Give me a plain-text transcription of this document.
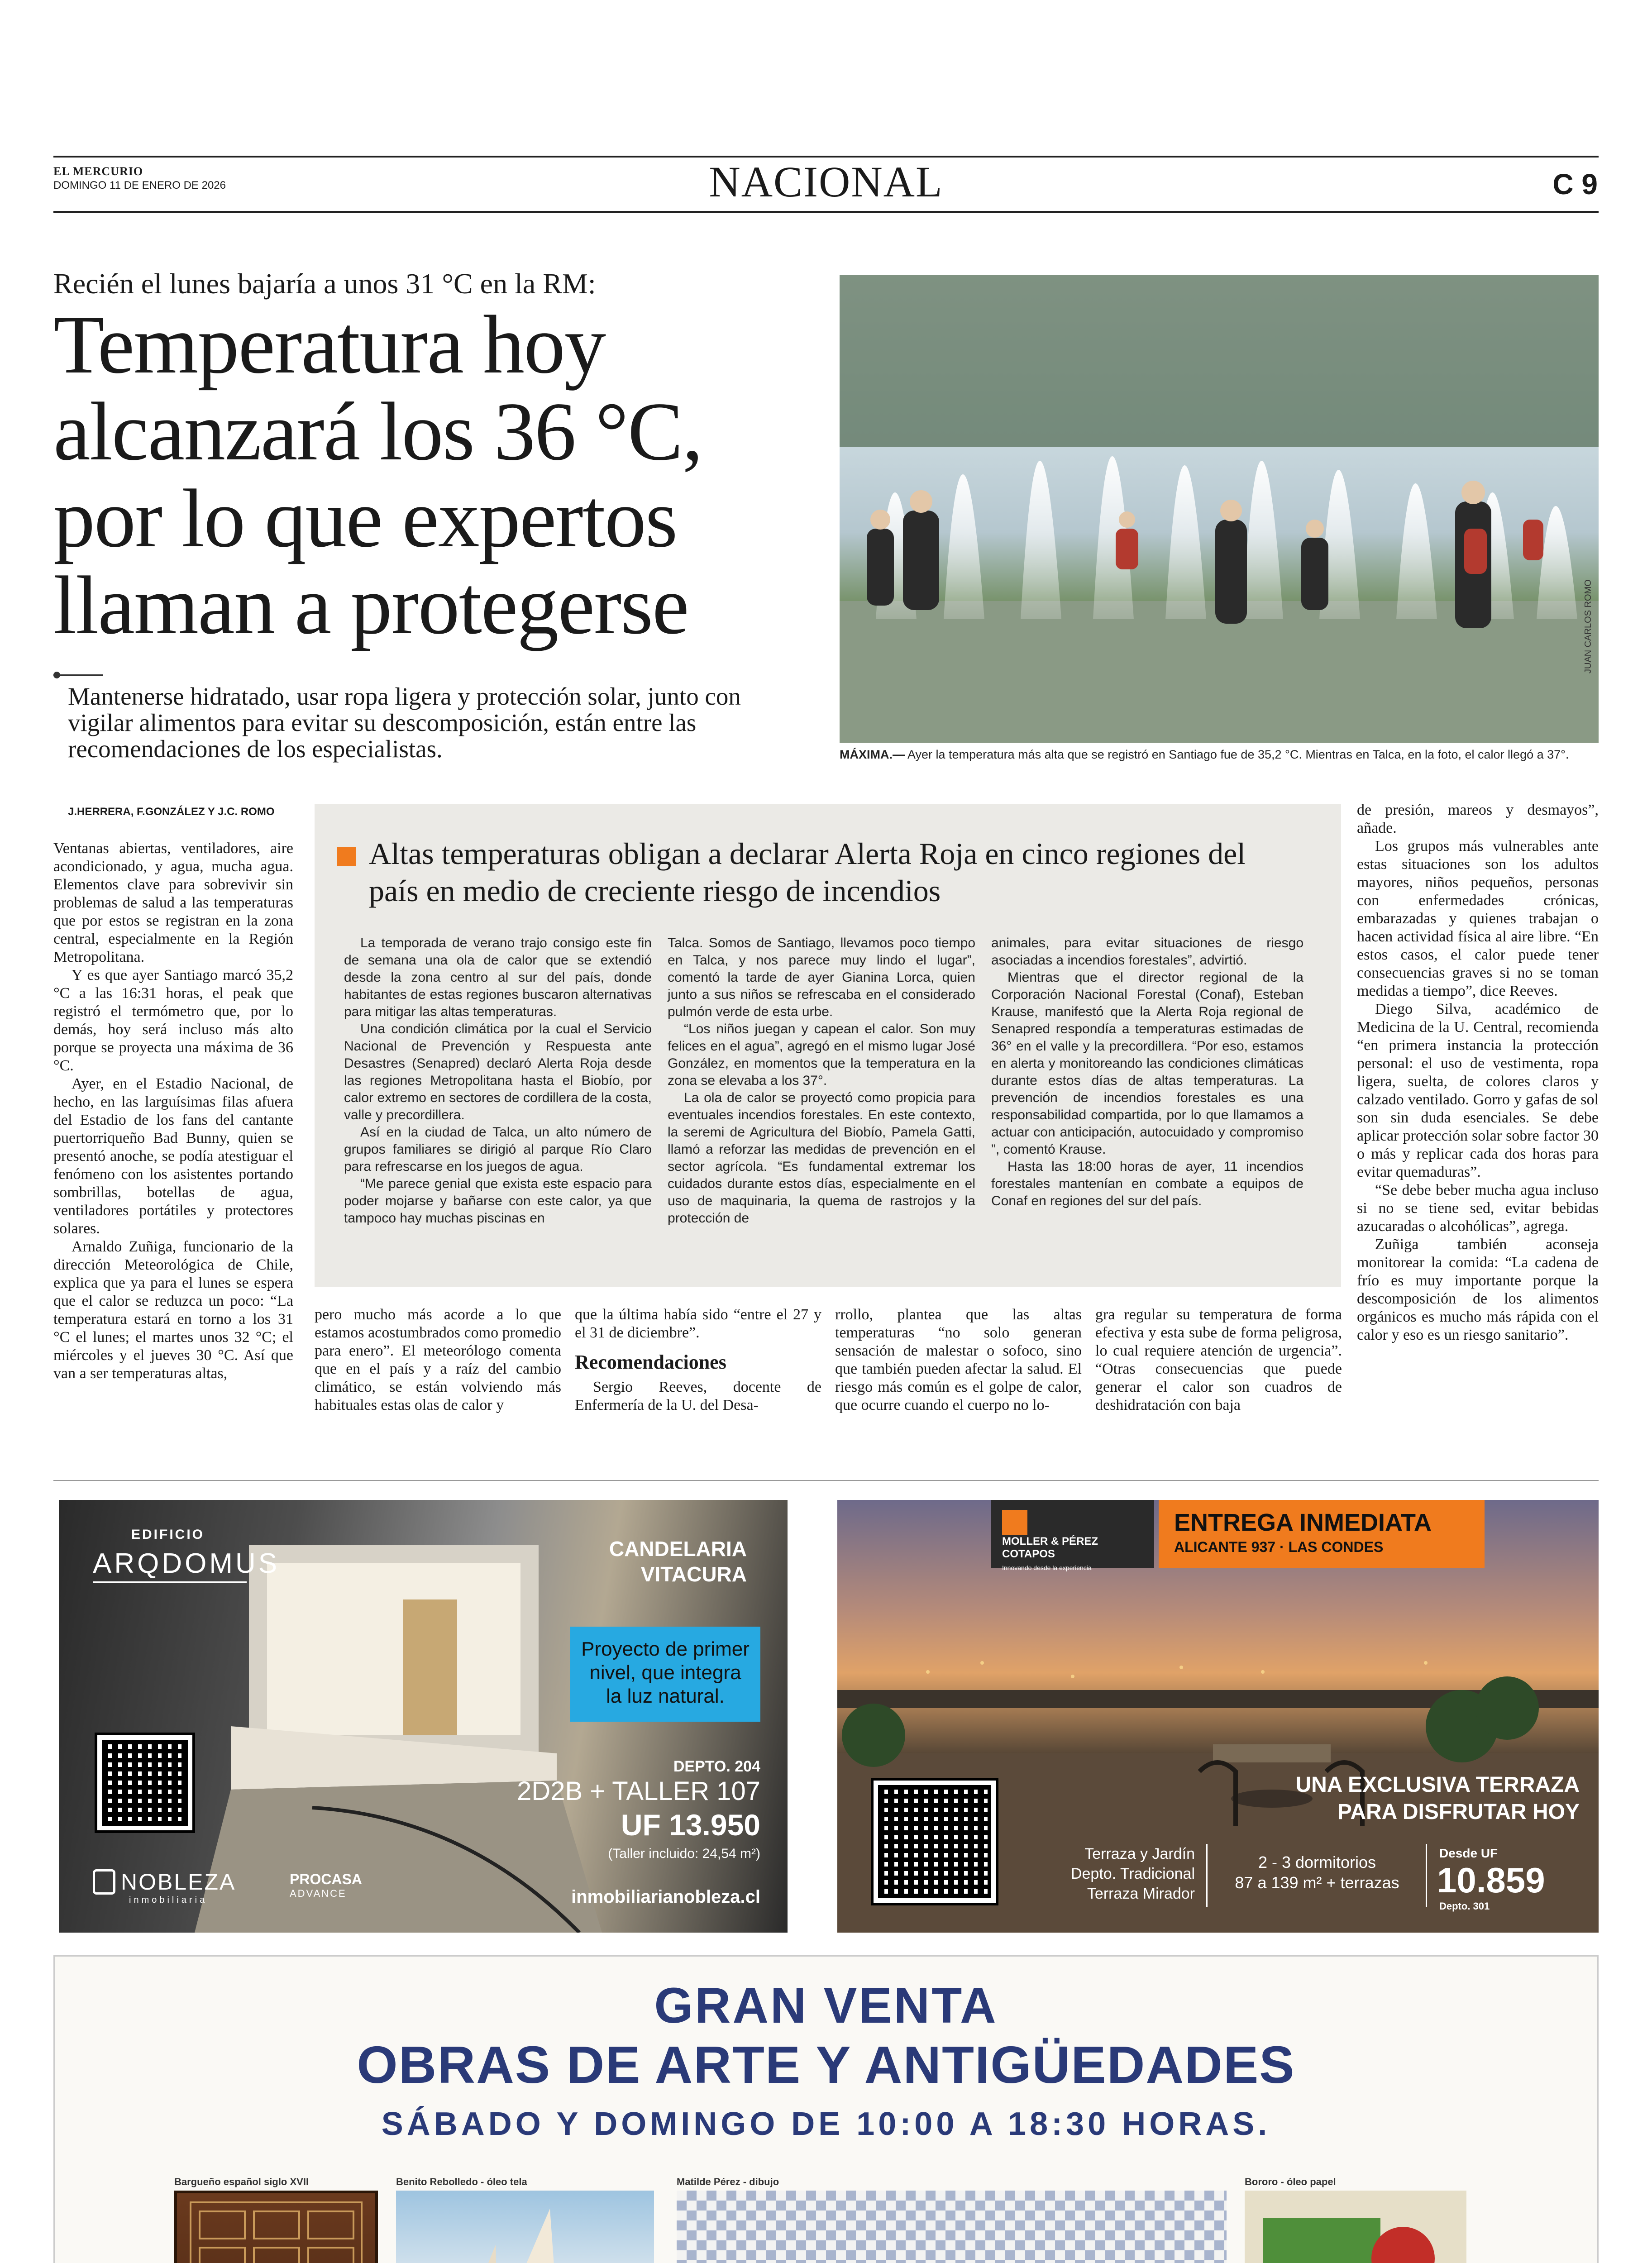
EL MERCURIO
DOMINGO 11 DE ENERO DE 2026	NACIONAL	C 9
Recién el lunes bajaría a unos 31 °C en la RM:
Temperatura hoy alcanzará los 36 °C, por lo que expertos llaman a protegerse
Mantenerse hidratado, usar ropa ligera y protección solar, junto con vigilar alimentos para evitar su descomposición, están entre las recomendaciones de los especialistas.
J.HERRERA, F.GONZÁLEZ Y J.C. ROMO
JUAN CARLOS ROMO
MÁXIMA.— Ayer la temperatura más alta que se registró en Santiago fue de 35,2 °C. Mientras en Talca, en la foto, el calor llegó a 37°.

Ventanas abiertas, ventiladores, aire acondicionado, y agua, mucha agua. Elementos clave para sobrevivir sin problemas de salud a las temperaturas que por estos se registran en la zona central, especialmente en la Región Metropolitana.

Y es que ayer Santiago marcó 35,2 °C a las 16:31 horas, el peak que registró el termómetro que, por lo demás, hoy será incluso más alto porque se proyecta una máxima de 36 °C.

Ayer, en el Estadio Nacional, de hecho, en las larguísimas filas afuera del Estadio de los fans del cantante puertorriqueño Bad Bunny, quien se presentó anoche, se podía atestiguar el fenómeno con los asistentes portando sombrillas, botellas de agua, ventiladores portátiles y protectores solares.

Arnaldo Zuñiga, funcionario de la dirección Meteorológica de Chile, explica que ya para el lunes se espera que el calor se reduzca un poco: “La temperatura estará en torno a los 31 °C el lunes; el martes unos 32 °C; el miércoles y el jueves 30 °C. Así que van a ser temperaturas altas,

Altas temperaturas obligan a declarar Alerta Roja en cinco regiones del país en medio de creciente riesgo de incendios

La temporada de verano trajo consigo este fin de semana una ola de calor que se extendió desde la zona centro al sur del país, donde habitantes de estas regiones buscaron alternativas para mitigar las altas temperaturas.

Una condición climática por la cual el Servicio Nacional de Prevención y Respuesta ante Desastres (Senapred) declaró Alerta Roja desde las regiones Metropolitana hasta el Biobío, por calor extremo en sectores de cordillera de la costa, valle y precordillera.

Así en la ciudad de Talca, un alto número de grupos familiares se dirigió al parque Río Claro para refrescarse en los juegos de agua.

“Me parece genial que exista este espacio para poder mojarse y bañarse con este calor, ya que tampoco hay muchas piscinas en

Talca. Somos de Santiago, llevamos poco tiempo en Talca, y nos parece muy lindo el lugar”, comentó la tarde de ayer Gianina Lorca, quien junto a sus niños se refrescaba en el considerado pulmón verde de esta urbe.

“Los niños juegan y capean el calor. Son muy felices en el agua”, agregó en el mismo lugar José González, en momentos que la temperatura en la zona se elevaba a los 37°.

La ola de calor se proyectó como propicia para eventuales incendios forestales. En este contexto, la seremi de Agricultura del Biobío, Pamela Gatti, llamó a reforzar las medidas de prevención en el sector agrícola. “Es fundamental extremar los cuidados durante estos días, especialmente en el uso de maquinaria, la quema de rastrojos y la protección de

animales, para evitar situaciones de riesgo asociadas a incendios forestales”, advirtió.

Mientras que el director regional de la Corporación Nacional Forestal (Conaf), Esteban Krause, manifestó que la Alerta Roja regional de Senapred respondía a temperaturas estimadas de 36° en el valle y la precordillera. “Por eso, estamos en alerta y monitoreando las condiciones climáticas durante estos días de altas temperaturas. La prevención de incendios forestales es una responsabilidad compartida, por lo que llamamos a actuar con anticipación, autocuidado y compromiso ”, comentó Krause.

Hasta las 18:00 horas de ayer, 11 incendios forestales mantenían en combate a equipos de Conaf en regiones del sur del país.

pero mucho más acorde a lo que estamos acostumbrados como promedio para enero”. El meteorólogo comenta que en el país y a raíz del cambio climático, se están volviendo más habituales estas olas de calor y

que la última había sido “entre el 27 y el 31 de diciembre”.

Recomendaciones

Sergio Reeves, docente de Enfermería de la U. del Desa-

rrollo, plantea que las altas temperaturas “no solo generan sensación de malestar o sofoco, sino que también pueden afectar la salud. El riesgo más común es el golpe de calor, que ocurre cuando el cuerpo no lo-

gra regular su temperatura de forma efectiva y esta sube de forma peligrosa, lo cual requiere atención de urgencia”. “Otras consecuencias que puede generar el calor son cuadros de deshidratación con baja

de presión, mareos y desmayos”, añade.

Los grupos más vulnerables ante estas situaciones son los adultos mayores, niños pequeños, personas con enfermedades crónicas, embarazadas y quienes trabajan o hacen actividad física al aire libre. “En estos casos, el calor puede tener consecuencias graves si no se toman medidas a tiempo”, dice Reeves.

Diego Silva, académico de Medicina de la U. Central, recomienda “en primera instancia la protección personal: el uso de vestimenta, ropa ligera, suelta, de colores claros y calzado ventilado. Gorro y gafas de sol son sin duda esenciales. Se debe aplicar protección solar sobre factor 30 o más y replicar cada dos horas para evitar quemaduras”.

“Se debe beber mucha agua incluso si no se tiene sed, evitar bebidas azucaradas o alcohólicas”, agrega.

Zuñiga también aconseja monitorear la comida: “La cadena de frío es muy importante porque la descomposición de los alimentos orgánicos es mucho más rápida con el calor y eso es un riesgo sanitario”.

EDIFICIO
ARQDOMUS	CANDELARIA VITACURA
Proyecto de primer nivel, que integra la luz natural.
DEPTO. 204
2D2B + TALLER 107
UF 13.950
(Taller incluido: 24,54 m²)
inmobiliarianobleza.cl
NOBLEZA
inmobiliaria
PROCASA
ADVANCE
MOLLER & PÉREZ COTAPOS
Innovando desde la experiencia
ENTREGA INMEDIATA
ALICANTE 937 · LAS CONDES
UNA EXCLUSIVA TERRAZA PARA DISFRUTAR HOY
Terraza y Jardín
Depto. Tradicional
Terraza Mirador
2 - 3 dormitorios
87 a 139 m² + terrazas
Desde UF
10.859
Depto. 301
GRAN VENTA
OBRAS DE ARTE Y ANTIGÜEDADES
SÁBADO Y DOMINGO DE 10:00 A 18:30 HORAS.
Bargueño español siglo XVII	Benito Rebolledo - óleo tela	Matilde Pérez - dibujo	Bororo - óleo papel
